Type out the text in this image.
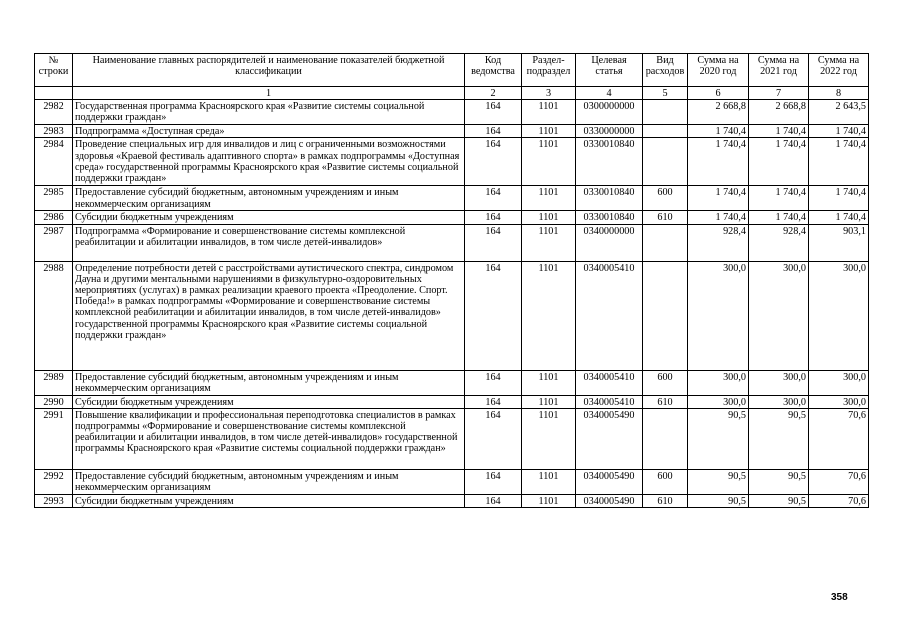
№ строки	Наименование главных распорядителей и наименование показателей бюджетной классификации	Код ведомства	Раздел-подраздел	Целевая статья	Вид расходов	Сумма на 2020 год	Сумма на 2021 год	Сумма на 2022 год
	1	2	3	4	5	6	7	8
2982	Государственная программа Красноярского края «Развитие системы социальной поддержки граждан»	164	1101	0300000000		2 668,8	2 668,8	2 643,5
2983	Подпрограмма «Доступная среда»	164	1101	0330000000		1 740,4	1 740,4	1 740,4
2984	Проведение специальных игр для инвалидов и лиц с ограниченными возможностями здоровья «Краевой фестиваль адаптивного спорта» в рамках подпрограммы «Доступная среда» государственной программы Красноярского края «Развитие системы социальной поддержки граждан»	164	1101	0330010840		1 740,4	1 740,4	1 740,4
2985	Предоставление субсидий бюджетным, автономным учреждениям и иным некоммерческим организациям	164	1101	0330010840	600	1 740,4	1 740,4	1 740,4
2986	Субсидии бюджетным учреждениям	164	1101	0330010840	610	1 740,4	1 740,4	1 740,4
2987	Подпрограмма «Формирование и совершенствование системы комплексной реабилитации и абилитации инвалидов, в том числе детей-инвалидов»	164	1101	0340000000		928,4	928,4	903,1
2988	Определение потребности детей с расстройствами аутистического спектра, синдромом Дауна и другими ментальными нарушениями в физкультурно-оздоровительных мероприятиях (услугах) в рамках реализации краевого проекта «Преодоление. Спорт. Победа!» в рамках подпрограммы «Формирование и совершенствование системы комплексной реабилитации и абилитации инвалидов, в том числе детей-инвалидов» государственной программы Красноярского края «Развитие системы социальной поддержки граждан»	164	1101	0340005410		300,0	300,0	300,0
2989	Предоставление субсидий бюджетным, автономным учреждениям и иным некоммерческим организациям	164	1101	0340005410	600	300,0	300,0	300,0
2990	Субсидии бюджетным учреждениям	164	1101	0340005410	610	300,0	300,0	300,0
2991	Повышение квалификации и профессиональная переподготовка специалистов в рамках подпрограммы «Формирование и совершенствование системы комплексной реабилитации и абилитации инвалидов, в том числе детей-инвалидов» государственной программы Красноярского края «Развитие системы социальной поддержки граждан»	164	1101	0340005490		90,5	90,5	70,6
2992	Предоставление субсидий бюджетным, автономным учреждениям и иным некоммерческим организациям	164	1101	0340005490	600	90,5	90,5	70,6
2993	Субсидии бюджетным учреждениям	164	1101	0340005490	610	90,5	90,5	70,6
358
